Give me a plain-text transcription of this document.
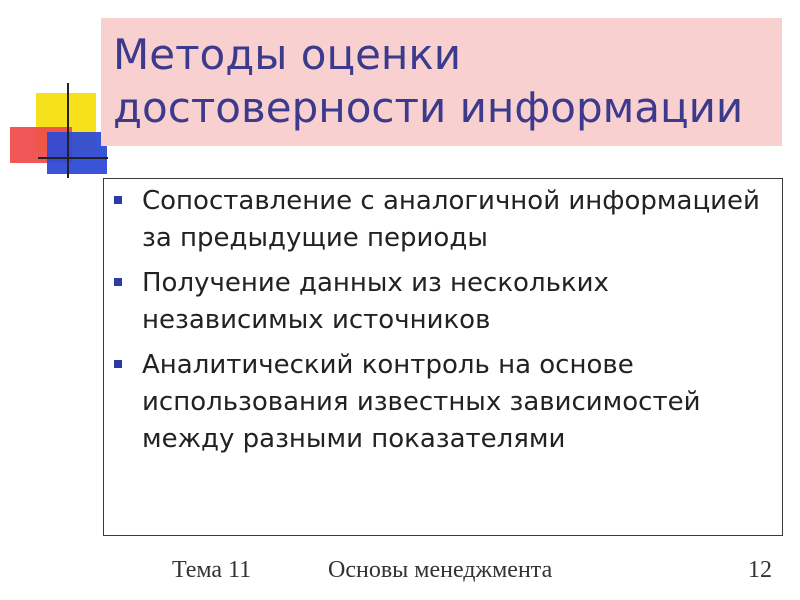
Методы оценки достоверности информации
Сопоставление с аналогичной информацией за предыдущие периоды
Получение данных из нескольких независимых источников
Аналитический контроль на основе использования известных зависимостей между разными показателями
Тема 11	Основы менеджмента	12
